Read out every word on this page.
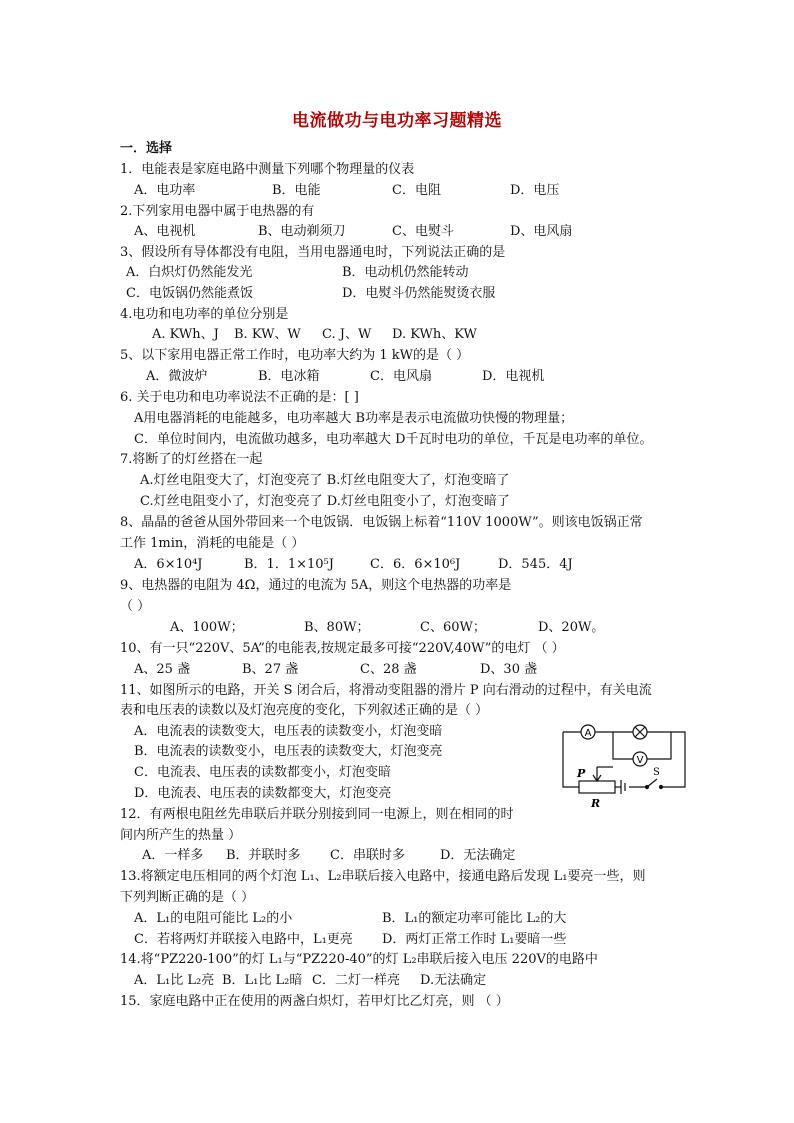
电流做功与电功率习题精选
一．选择
1．电能表是家庭电路中测量下列哪个物理量的仪表
A．电功率	B．电能	C．电阻	D．电压
2.下列家用电器中属于电热器的有
A、电视机	B、电动剃须刀	C、电熨斗	D、电风扇
3、假设所有导体都没有电阻，当用电器通电时，下列说法正确的是
A．白炽灯仍然能发光	B．电动机仍然能转动
C．电饭锅仍然能煮饭	D．电熨斗仍然能熨烫衣服
4.电功和电功率的单位分别是
A. KWh、J B. KW、W C. J、W D. KWh、KW
5、以下家用电器正常工作时，电功率大约为 1 kW的是（ ）
A．微波炉	B．电冰箱	C．电风扇	D．电视机
6. 关于电功和电功率说法不正确的是：[ ]
A用电器消耗的电能越多，电功率越大 B功率是表示电流做功快慢的物理量；
C．单位时间内，电流做功越多，电功率越大 D千瓦时电功的单位，千瓦是电功率的单位。
7.将断了的灯丝搭在一起
A.灯丝电阻变大了，灯泡变亮了 B.灯丝电阻变大了，灯泡变暗了
C.灯丝电阻变小了，灯泡变亮了 D.灯丝电阻变小了，灯泡变暗了
8、晶晶的爸爸从国外带回来一个电饭锅．电饭锅上标着“110V 1000W”。则该电饭锅正常
工作 1min，消耗的电能是（ ）
A．6×10⁴J	B．1．1×10⁵J	C．6．6×10⁶J	D．545．4J
9、电热器的电阻为 4Ω，通过的电流为 5A，则这个电热器的功率是
（ ）
A、100W；	B、80W；	C、60W；	D、20W。
10、有一只“220V、5A”的电能表,按规定最多可接“220V,40W”的电灯 （ ）
A、25 盏	B、27 盏	C、28 盏	D、30 盏
11、如图所示的电路，开关 S 闭合后，将滑动变阻器的滑片 P 向右滑动的过程中，有关电流
表和电压表的读数以及灯泡亮度的变化，下列叙述正确的是（ ）
A．电流表的读数变大，电压表的读数变小，灯泡变暗
B．电流表的读数变小，电压表的读数变大，灯泡变亮
C．电流表、电压表的读数都变小，灯泡变暗
D．电流表、电压表的读数都变大，灯泡变亮
A
V
P
R
S
12．有两根电阻丝先串联后并联分别接到同一电源上，则在相同的时
间内所产生的热量 ）
A．一样多 B．并联时多 C．串联时多	D．无法确定
13.将额定电压相同的两个灯泡 L₁、L₂串联后接入电路中，接通电路后发现 L₁要亮一些，则
下列判断正确的是（ ）
A．L₁的电阻可能比 L₂的小	B．L₁的额定功率可能比 L₂的大
C．若将两灯并联接入电路中，L₁更亮 D．两灯正常工作时 L₁要暗一些
14.将“PZ220-100”的灯 L₁与“PZ220-40”的灯 L₂串联后接入电压 220V的电路中
A．L₁比 L₂亮 B．L₁比 L₂暗 C．二灯一样亮 D.无法确定
15．家庭电路中正在使用的两盏白炽灯，若甲灯比乙灯亮，则 （ ）
